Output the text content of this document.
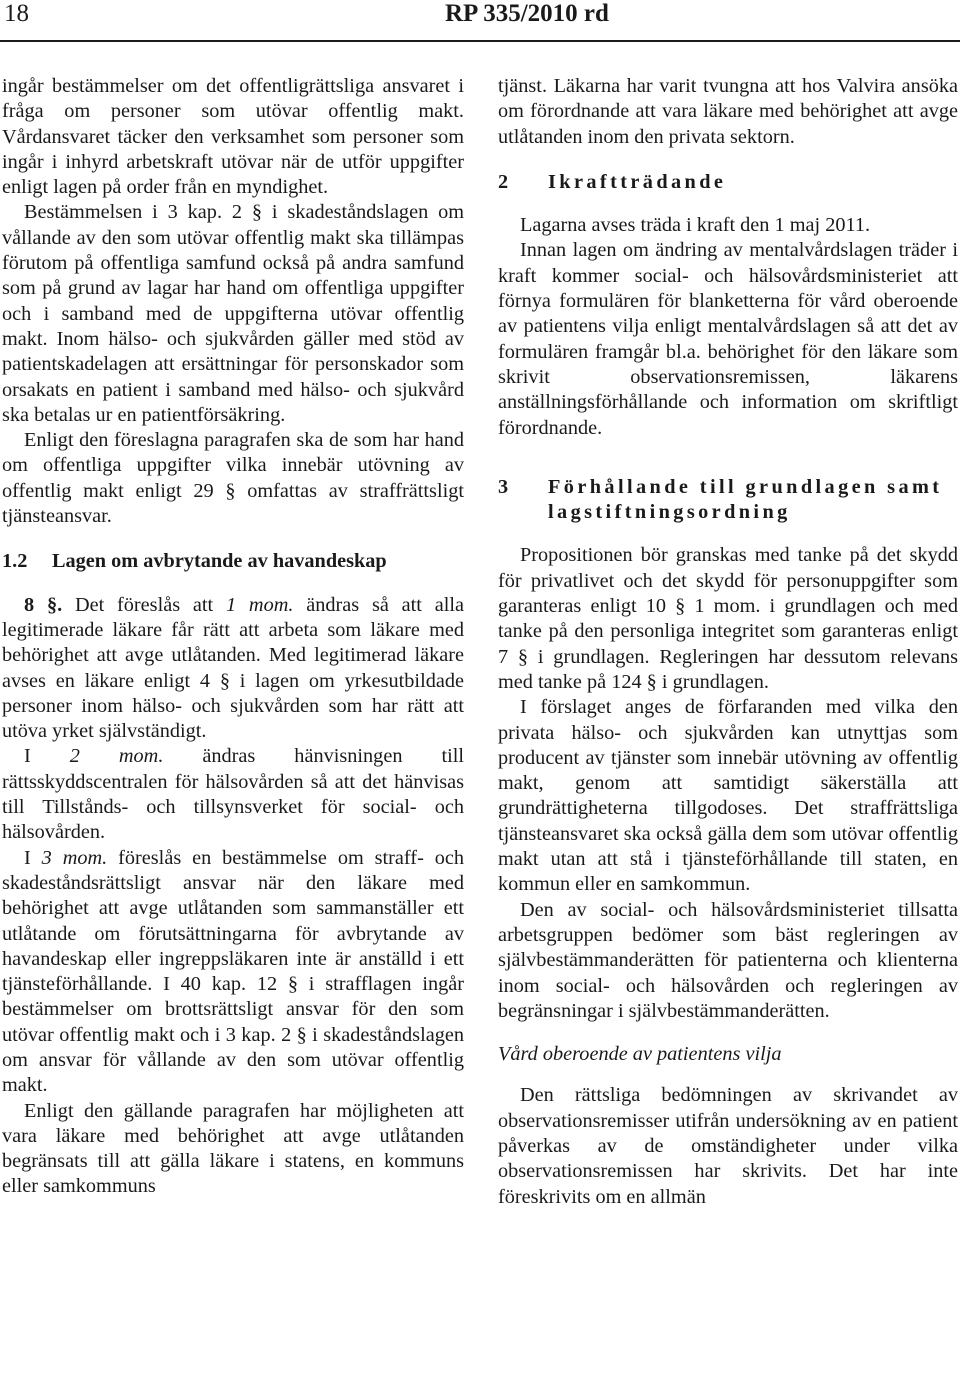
18	RP 335/2010 rd

ingår bestämmelser om det offentligrättsliga ansvaret i fråga om personer som utövar offentlig makt. Vårdansvaret täcker den verksamhet som personer som ingår i inhyrd arbetskraft utövar när de utför uppgifter enligt lagen på order från en myndighet.

Bestämmelsen i 3 kap. 2 § i skadeståndslagen om vållande av den som utövar offentlig makt ska tillämpas förutom på offentliga samfund också på andra samfund som på grund av lagar har hand om offentliga uppgifter och i samband med de uppgifterna utövar offentlig makt. Inom hälso- och sjukvården gäller med stöd av patientskadelagen att ersättningar för personskador som orsakats en patient i samband med hälso- och sjukvård ska betalas ur en patientförsäkring.

Enligt den föreslagna paragrafen ska de som har hand om offentliga uppgifter vilka innebär utövning av offentlig makt enligt 29 § omfattas av straffrättsligt tjänsteansvar.

1.2	Lagen om avbrytande av havandeskap

8 §. Det föreslås att 1 mom. ändras så att alla legitimerade läkare får rätt att arbeta som läkare med behörighet att avge utlåtanden. Med legitimerad läkare avses en läkare enligt 4 § i lagen om yrkesutbildade personer inom hälso- och sjukvården som har rätt att utöva yrket självständigt.

I 2 mom. ändras hänvisningen till rättsskyddscentralen för hälsovården så att det hänvisas till Tillstånds- och tillsynsverket för social- och hälsovården.

I 3 mom. föreslås en bestämmelse om straff- och skadeståndsrättsligt ansvar när den läkare med behörighet att avge utlåtanden som sammanställer ett utlåtande om förutsättningarna för avbrytande av havandeskap eller ingreppsläkaren inte är anställd i ett tjänsteförhållande. I 40 kap. 12 § i strafflagen ingår bestämmelser om brottsrättsligt ansvar för den som utövar offentlig makt och i 3 kap. 2 § i skadeståndslagen om ansvar för vållande av den som utövar offentlig makt.

Enligt den gällande paragrafen har möjligheten att vara läkare med behörighet att avge utlåtanden begränsats till att gälla läkare i statens, en kommuns eller samkommuns

tjänst. Läkarna har varit tvungna att hos Valvira ansöka om förordnande att vara läkare med behörighet att avge utlåtanden inom den privata sektorn.

2	Ikraftträdande

Lagarna avses träda i kraft den 1 maj 2011.

Innan lagen om ändring av mentalvårdslagen träder i kraft kommer social- och hälsovårdsministeriet att förnya formulären för blanketterna för vård oberoende av patientens vilja enligt mentalvårdslagen så att det av formulären framgår bl.a. behörighet för den läkare som skrivit observationsremissen, läkarens anställningsförhållande och information om skriftligt förordnande.

3	Förhållande till grundlagen samt lagstiftningsordning

Propositionen bör granskas med tanke på det skydd för privatlivet och det skydd för personuppgifter som garanteras enligt 10 § 1 mom. i grundlagen och med tanke på den personliga integritet som garanteras enligt 7 § i grundlagen. Regleringen har dessutom relevans med tanke på 124 § i grundlagen.

I förslaget anges de förfaranden med vilka den privata hälso- och sjukvården kan utnyttjas som producent av tjänster som innebär utövning av offentlig makt, genom att samtidigt säkerställa att grundrättigheterna tillgodoses. Det straffrättsliga tjänsteansvaret ska också gälla dem som utövar offentlig makt utan att stå i tjänsteförhållande till staten, en kommun eller en samkommun.

Den av social- och hälsovårdsministeriet tillsatta arbetsgruppen bedömer som bäst regleringen av självbestämmanderätten för patienterna och klienterna inom social- och hälsovården och regleringen av begränsningar i självbestämmanderätten.

Vård oberoende av patientens vilja

Den rättsliga bedömningen av skrivandet av observationsremisser utifrån undersökning av en patient påverkas av de omständigheter under vilka observationsremissen har skrivits. Det har inte föreskrivits om en allmän
